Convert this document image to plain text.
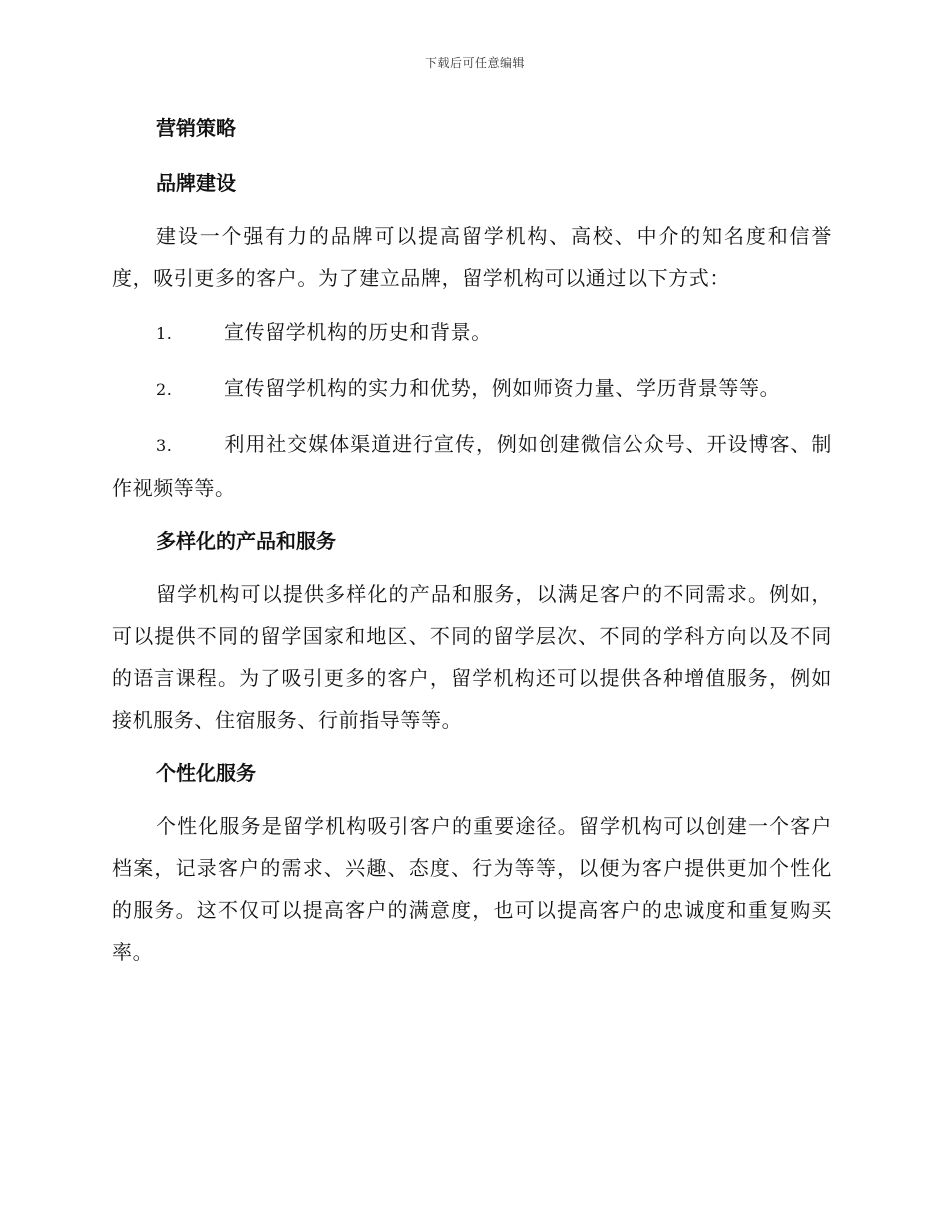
下载后可任意编辑
营销策略
品牌建设

建设一个强有力的品牌可以提高留学机构、高校、中介的知名度和信誉度，吸引更多的客户。为了建立品牌，留学机构可以通过以下方式：

1.	宣传留学机构的历史和背景。

2.	宣传留学机构的实力和优势，例如师资力量、学历背景等等。

3.	利用社交媒体渠道进行宣传，例如创建微信公众号、开设博客、制作视频等等。

多样化的产品和服务

留学机构可以提供多样化的产品和服务，以满足客户的不同需求。例如，可以提供不同的留学国家和地区、不同的留学层次、不同的学科方向以及不同的语言课程。为了吸引更多的客户，留学机构还可以提供各种增值服务，例如接机服务、住宿服务、行前指导等等。

个性化服务

个性化服务是留学机构吸引客户的重要途径。留学机构可以创建一个客户档案，记录客户的需求、兴趣、态度、行为等等，以便为客户提供更加个性化的服务。这不仅可以提高客户的满意度，也可以提高客户的忠诚度和重复购买率。
